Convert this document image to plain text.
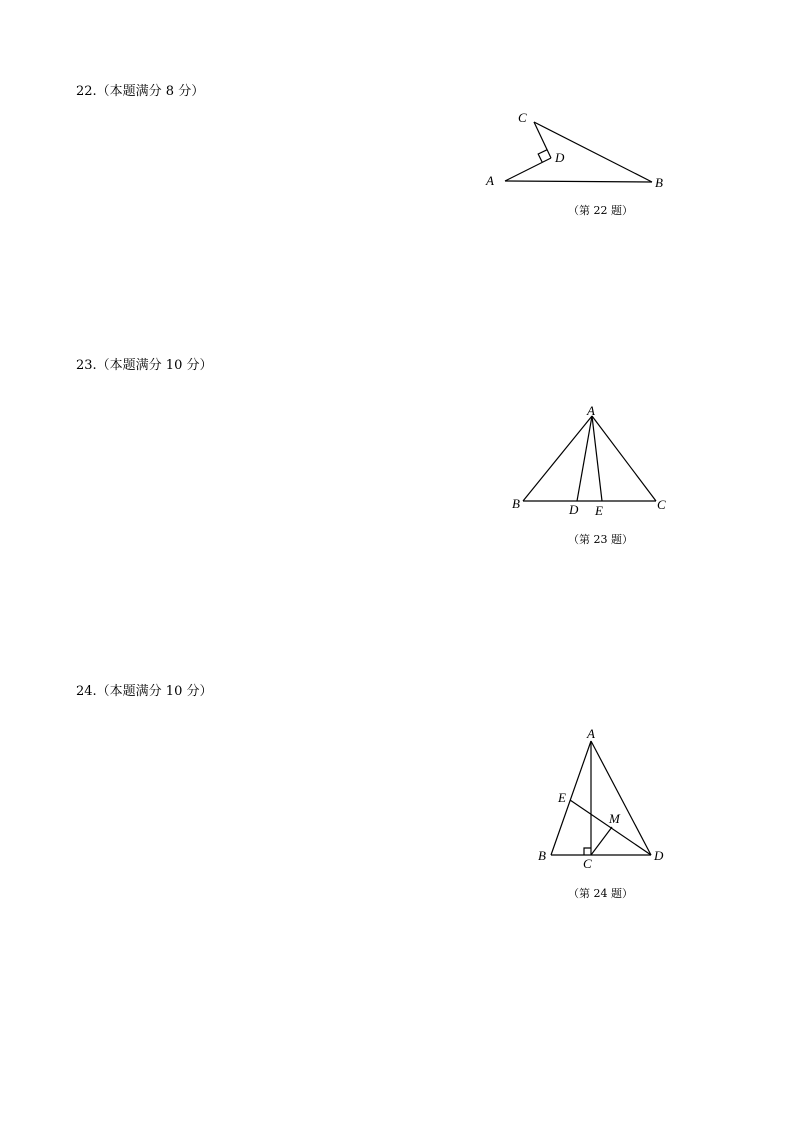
22.（本题满分 8 分）
（第 22 题）
23.（本题满分 10 分）
（第 23 题）
24.（本题满分 10 分）
（第 24 题）
A	B
C
D
A
B	C
D E
A
B
C
D
E
M
